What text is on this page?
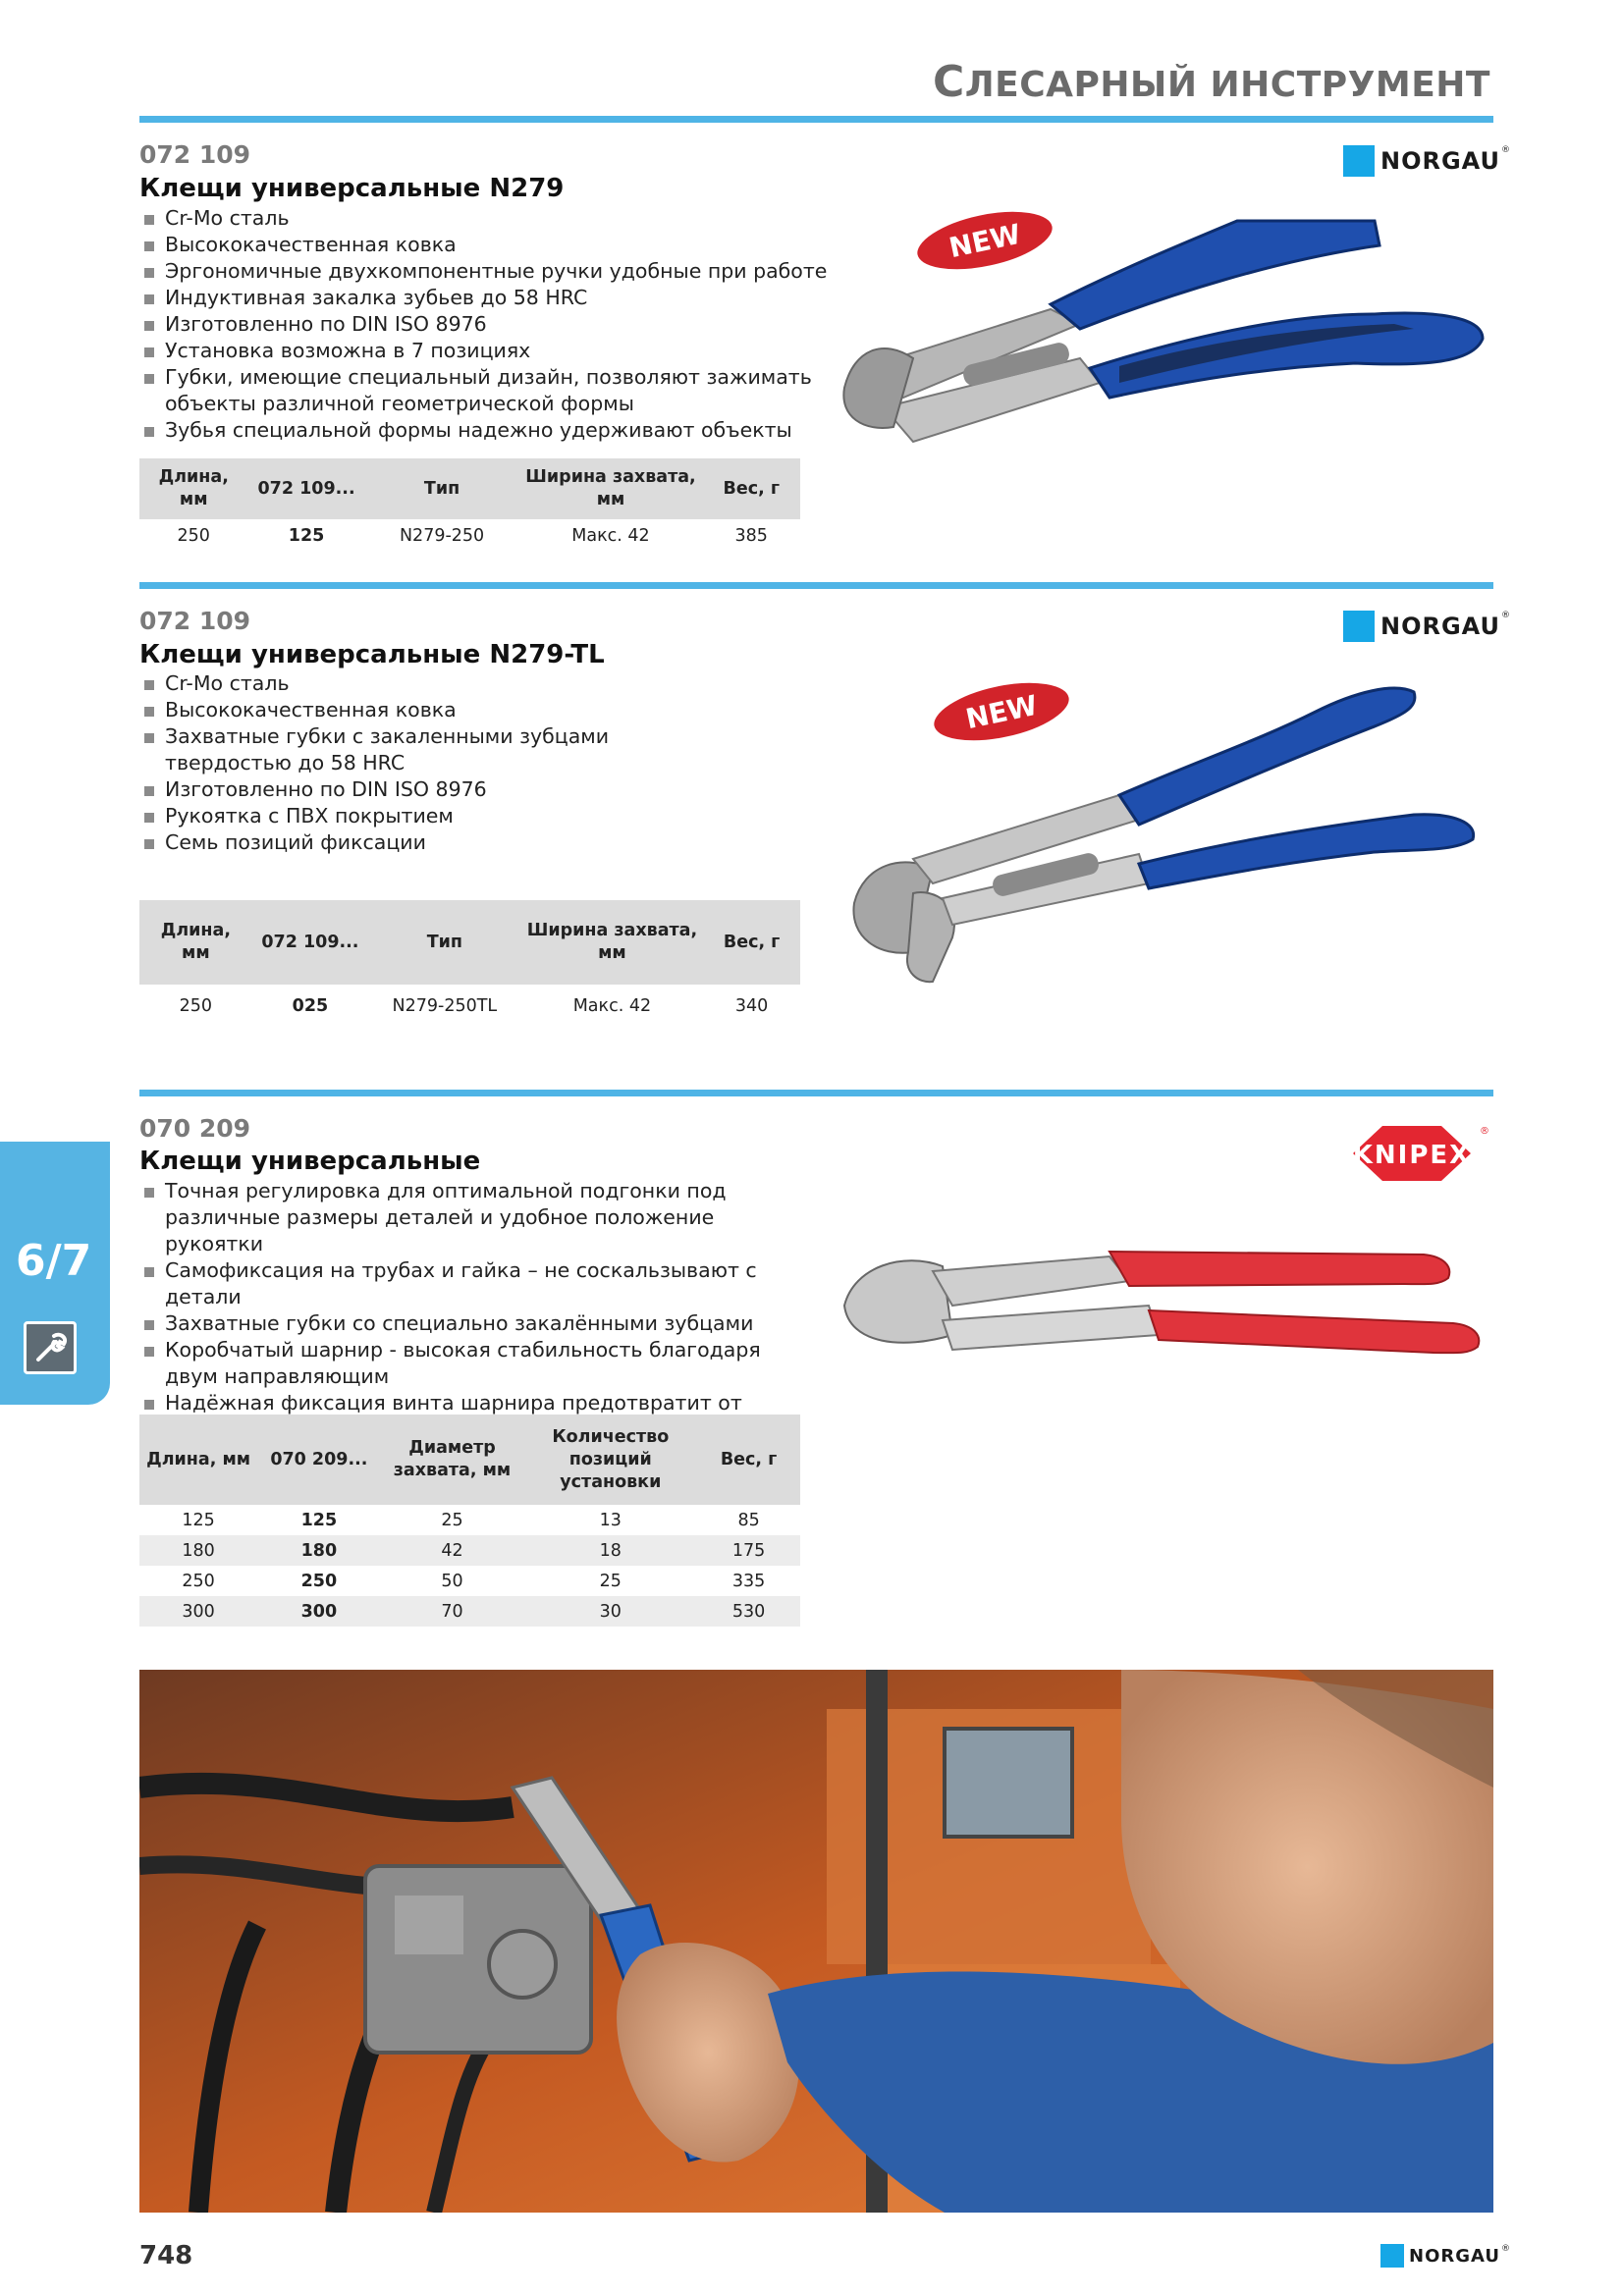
СЛЕСАРНЫЙ ИНСТРУМЕНТ
NORGAU ®
072 109
Клещи универсальные N279
Cr-Mo сталь
Высококачественная ковка
Эргономичные двухкомпонентные ручки удобные при работе
Индуктивная закалка зубьев до 58 HRC
Изготовленно по DIN ISO 8976
Установка возможна в 7 позициях
Губки, имеющие специальный дизайн, позволяют зажимать объекты различной геометрической формы
Зубья специальной формы надежно удерживают объекты
Длина, мм	072 109...	Тип	Ширина захвата, мм	Вес, г
250	125	N279-250	Макс. 42	385
NEW
NORGAU ®
072 109
Клещи универсальные N279-TL
Cr-Mo сталь
Высококачественная ковка
Захватные губки с закаленными зубцами твердостью до 58 HRC
Изготовленно по DIN ISO 8976
Рукоятка с ПВХ покрытием
Семь позиций фиксации
Длина, мм	072 109...	Тип	Ширина захвата, мм	Вес, г
250	025	N279-250TL	Макс. 42	340
NEW
KNIPEX
®
070 209
Клещи универсальные
Точная регулировка для оптимальной подгонки под различные размеры деталей и удобное положение рукоятки
Самофиксация на трубах и гайка – не соскальзывают с детали
Захватные губки со специально закалёнными зубцами
Коробчатый шарнир - высокая стабильность благодаря двум направляющим
Надёжная фиксация винта шарнира предотвратит от
Длина, мм	070 209...	Диаметр захвата, мм	Количество позиций установки	Вес, г
125	125	25	13	85
180	180	42	18	175
250	250	50	25	335
300	300	70	30	530
6/7
748	NORGAU ®
